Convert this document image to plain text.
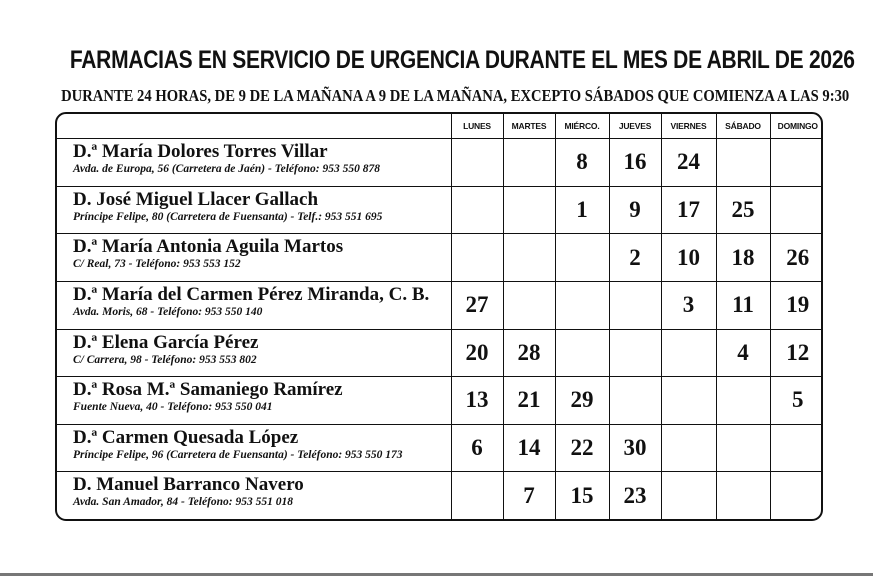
FARMACIAS EN SERVICIO DE URGENCIA DURANTE EL MES DE ABRIL DE 2026
DURANTE 24 HORAS, DE 9 DE LA MAÑANA A 9 DE LA MAÑANA, EXCEPTO SÁBADOS QUE COMIENZA A LAS 9:30
	LUNES	MARTES	MIÉRCO.	JUEVES	VIERNES	SÁBADO	DOMINGO

D.ª María Dolores Torres Villar
Avda. de Europa, 56 (Carretera de Jaén) - Teléfono: 953 550 878			8	16	24		

D. José Miguel Llacer Gallach
Príncipe Felipe, 80 (Carretera de Fuensanta) - Telf.: 953 551 695			1	9	17	25	

D.ª María Antonia Aguila Martos
C/ Real, 73 - Teléfono: 953 553 152				2	10	18	26

D.ª María del Carmen Pérez Miranda, C. B.
Avda. Moris, 68 - Teléfono: 953 550 140	27				3	11	19

D.ª Elena García Pérez
C/ Carrera, 98 - Teléfono: 953 553 802	20	28				4	12

D.ª Rosa M.ª Samaniego Ramírez
Fuente Nueva, 40 - Teléfono: 953 550 041	13	21	29				5

D.ª Carmen Quesada López
Príncipe Felipe, 96 (Carretera de Fuensanta) - Teléfono: 953 550 173	6	14	22	30			

D. Manuel Barranco Navero
Avda. San Amador, 84 - Teléfono: 953 551 018		7	15	23			
